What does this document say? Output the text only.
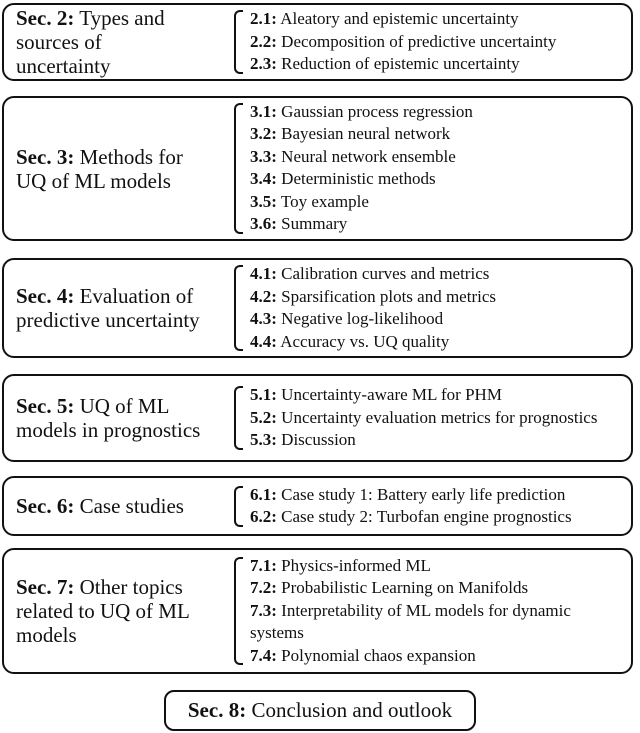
Sec. 2: Types and sources of uncertainty
2.1: Aleatory and epistemic uncertainty
2.2: Decomposition of predictive uncertainty
2.3: Reduction of epistemic uncertainty
Sec. 3: Methods for UQ of ML models
3.1: Gaussian process regression
3.2: Bayesian neural network
3.3: Neural network ensemble
3.4: Deterministic methods
3.5: Toy example
3.6: Summary
Sec. 4: Evaluation of predictive uncertainty
4.1: Calibration curves and metrics
4.2: Sparsification plots and metrics
4.3: Negative log-likelihood
4.4: Accuracy vs. UQ quality
Sec. 5: UQ of ML models in prognostics
5.1: Uncertainty-aware ML for PHM
5.2: Uncertainty evaluation metrics for prognostics
5.3: Discussion
Sec. 6: Case studies	6.1: Case study 1: Battery early life prediction
6.2: Case study 2: Turbofan engine prognostics
Sec. 7: Other topics related to UQ of ML models
7.1: Physics-informed ML
7.2: Probabilistic Learning on Manifolds
7.3: Interpretability of ML models for dynamic systems
7.4: Polynomial chaos expansion
Sec. 8: Conclusion and outlook
